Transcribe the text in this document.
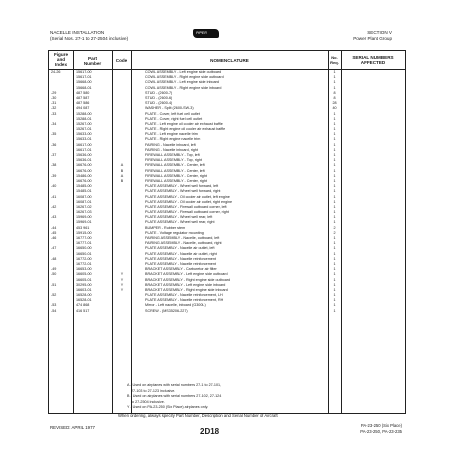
NACELLE INSTALLATION
(Serial Nos. 27-1 to 27-2504 inclusive)
PIPER	SECTION V
Power Plant Group
Figure
and
Index
Part
Number
Code	NOMENCLATURE
No.
Req.
SERIAL NUMBERS
AFFECTED
24-26	15617-00	COWL ASSEMBLY - Left engine side outboard	1
15617-01	COWL ASSEMBLY - Right engine side outboard	1
15668-00	COWL ASSEMBLY - Left engine side inboard	1
15668-01	COWL ASSEMBLY - Right engine side inboard	1
-29	487 580	STUD - (2600-7)	8
-30	487 587	STUD - (2600-6)	8
-31	487 586	STUD - (2600-4)	28
-32	494 087	WASHER - Split (2600-SW-3)	40
-33	15288-00	PLATE - Cover, left fuel cell outlet	1
15288-01	PLATE - Cover, right fuel cell outlet	1
-34	15267-00	PLATE - Left engine oil cooler air exhaust baffle	1
15267-01	PLATE - Right engine oil cooler air exhaust baffle	1
-35	15633-00	PLATE - Left engine nacelle trim	1
15633-01	PLATE - Right engine nacelle trim	1
-36	16617-00	FAIRING - Nacelle inboard, left	1
16617-01	FAIRING - Nacelle inboard, right	1
-37	15636-00	FIREWALL ASSEMBLY - Top, left	1
15636-01	FIREWALL ASSEMBLY - Top, right	1
-38	16676-00	A	FIREWALL ASSEMBLY - Center, left	1
16676-00	B	FIREWALL ASSEMBLY - Center, left	1
-39	15486-00	A	FIREWALL ASSEMBLY - Center, right	1
16676-00	B	FIREWALL ASSEMBLY - Center, right	1
-40	15485-00	PLATE ASSEMBLY - Wheel well forward, left	1
15485-01	PLATE ASSEMBLY - Wheel well forward, right	1
-41	16087-00	PLATE ASSEMBLY - Oil cooler air outlet, left engine	1
16087-01	PLATE ASSEMBLY - Oil cooler air outlet, right engine	1
-42	16267-02	PLATE ASSEMBLY - Firewall outboard corner, left	1
16267-03	PLATE ASSEMBLY - Firewall outboard corner, right	1
-43	15969-00	PLATE ASSEMBLY - Wheel well rear, left	1
15969-01	PLATE ASSEMBLY - Wheel well rear, right	1
-44	453 961	BUMPER - Rubber stem	2
-45	15915-00	PLATE - Voltage regulator mounting	2
-46	16777-00	FAIRING ASSEMBLY - Nacelle, outboard, left	1
16777-01	FAIRING ASSEMBLY - Nacelle, outboard, right	1
-47	16650-00	PLATE ASSEMBLY - Nacelle air outlet, left	1
16650-01	PLATE ASSEMBLY - Nacelle air outlet, right	1
-48	16772-00	PLATE ASSEMBLY - Nacelle reinforcement	1
16772-01	PLATE ASSEMBLY - Nacelle reinforcement	1
-49	16653-00	BRACKET ASSEMBLY - Carburetor air filter	1
-50	16605-00	Y	BRACKET ASSEMBLY - Left engine side outboard	1
16605-01	Y	BRACKET ASSEMBLY - Right engine side outboard	1
-51	30295-00	Y	BRACKET ASSEMBLY - Left engine side inboard	1
16603-01	Y	BRACKET ASSEMBLY - Right engine side inboard	1
-52	16528-00	PLATE ASSEMBLY - Nacelle reinforcement, LH	1
16528-01	PLATE ASSEMBLY - Nacelle reinforcement, RH	1
-53	474 868	Mirror - Left nacelle, inboard (G300L)	1
-54	416 517	SCREW - (MS35206-227)	1
A - Used on airplanes with serial numbers 27-1 to 27-101,
27-103 to 27-123 inclusive.
B - Used on airplanes with serial numbers 27-102, 27-124
to 27-2504 inclusive.
Y - Used on PA-23-250 (Six Place) airplanes only.
When ordering, always specify Part Number, Description and Serial Number of Aircraft
REVISED: APRIL 1977	2D18
PA-23-250 (Six Place)
PA-23-250, PA-23-235
